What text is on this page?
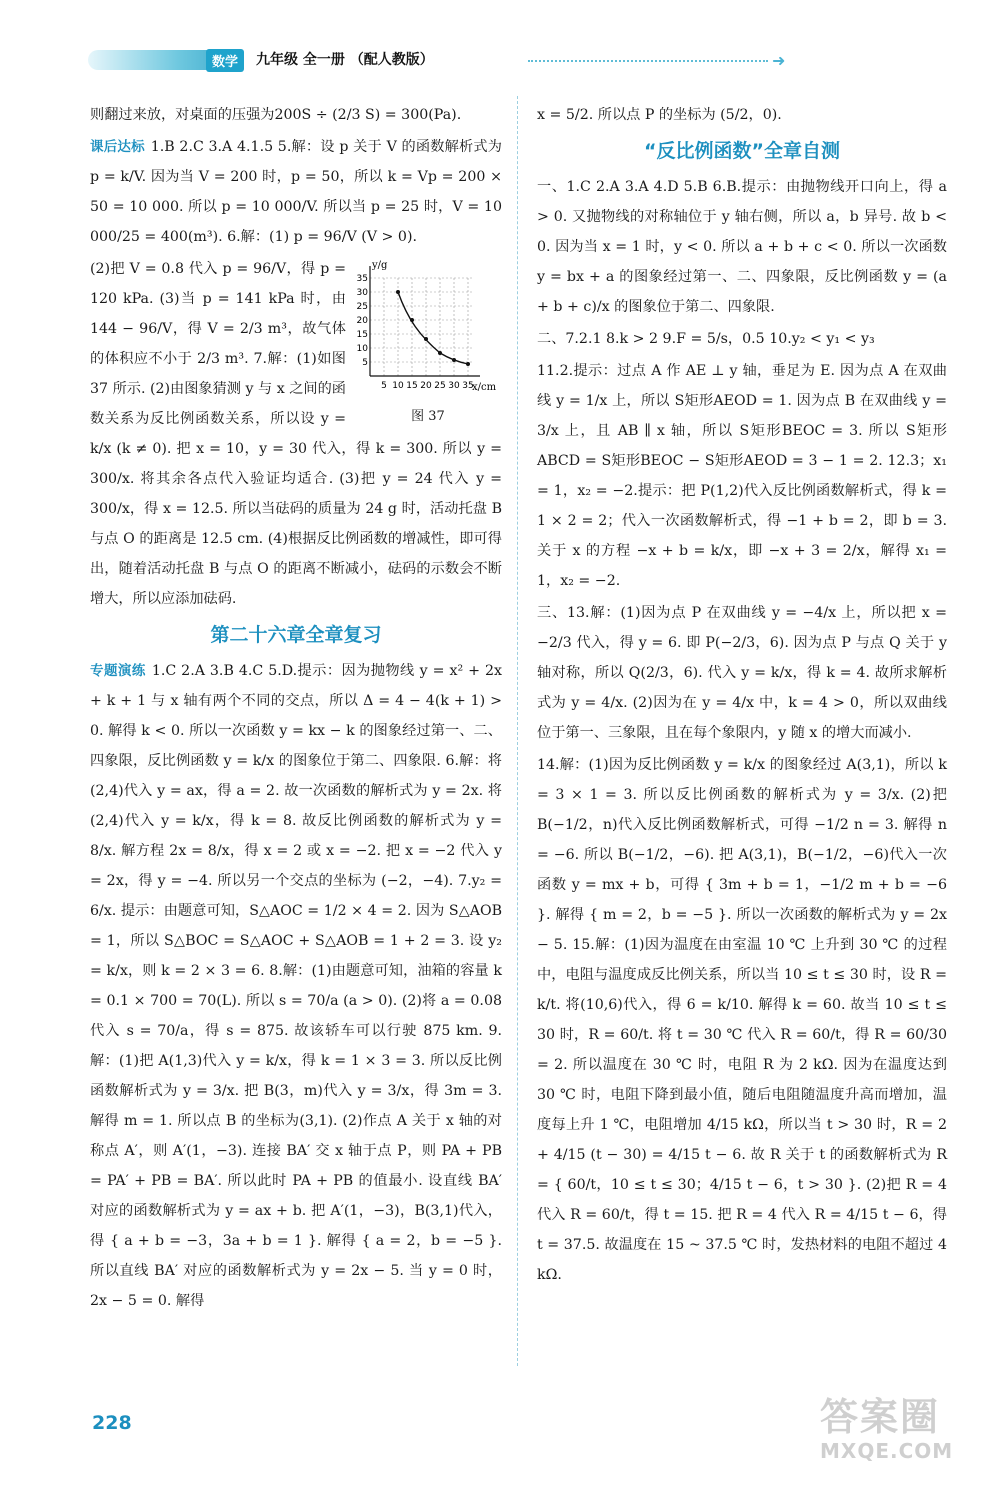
数学	九年级 全一册 （配人教版）	➜

则翻过来放，对桌面的压强为200S ÷ (2/3 S) = 300(Pa).

课后达标 1.B 2.C 3.A 4.1.5 5.解：设 p 关于 V 的函数解析式为 p = k/V. 因为当 V = 200 时，p = 50，所以 k = Vp = 200 × 50 = 10 000. 所以 p = 10 000/V. 所以当 p = 25 时，V = 10 000/25 = 400(m³). 6.解：(1) p = 96/V (V > 0).

y/g
x/cm
35
30
25
20
15
10
5
5 10 15 20 25 30 35
图 37

(2)把 V = 0.8 代入 p = 96/V，得 p = 120 kPa. (3)当 p = 141 kPa 时，由 144 − 96/V，得 V = 2/3 m³，故气体的体积应不小于 2/3 m³. 7.解：(1)如图 37 所示. (2)由图象猜测 y 与 x 之间的函数关系为反比例函数关系，所以设 y = k/x (k ≠ 0). 把 x = 10，y = 30 代入，得 k = 300. 所以 y = 300/x. 将其余各点代入验证均适合. (3)把 y = 24 代入 y = 300/x，得 x = 12.5. 所以当砝码的质量为 24 g 时，活动托盘 B 与点 O 的距离是 12.5 cm. (4)根据反比例函数的增减性，即可得出，随着活动托盘 B 与点 O 的距离不断减小，砝码的示数会不断增大，所以应添加砝码.

第二十六章全章复习

专题演练 1.C 2.A 3.B 4.C 5.D.提示：因为抛物线 y = x² + 2x + k + 1 与 x 轴有两个不同的交点，所以 Δ = 4 − 4(k + 1) > 0. 解得 k < 0. 所以一次函数 y = kx − k 的图象经过第一、二、四象限，反比例函数 y = k/x 的图象位于第二、四象限. 6.解：将(2,4)代入 y = ax，得 a = 2. 故一次函数的解析式为 y = 2x. 将(2,4)代入 y = k/x，得 k = 8. 故反比例函数的解析式为 y = 8/x. 解方程 2x = 8/x，得 x = 2 或 x = −2. 把 x = −2 代入 y = 2x，得 y = −4. 所以另一个交点的坐标为 (−2，−4). 7.y₂ = 6/x. 提示：由题意可知，S△AOC = 1/2 × 4 = 2. 因为 S△AOB = 1，所以 S△BOC = S△AOC + S△AOB = 1 + 2 = 3. 设 y₂ = k/x，则 k = 2 × 3 = 6. 8.解：(1)由题意可知，油箱的容量 k = 0.1 × 700 = 70(L). 所以 s = 70/a (a > 0). (2)将 a = 0.08 代入 s = 70/a，得 s = 875. 故该轿车可以行驶 875 km. 9.解：(1)把 A(1,3)代入 y = k/x，得 k = 1 × 3 = 3. 所以反比例函数解析式为 y = 3/x. 把 B(3，m)代入 y = 3/x，得 3m = 3. 解得 m = 1. 所以点 B 的坐标为(3,1). (2)作点 A 关于 x 轴的对称点 A′，则 A′(1，−3). 连接 BA′ 交 x 轴于点 P，则 PA + PB = PA′ + PB = BA′. 所以此时 PA + PB 的值最小. 设直线 BA′ 对应的函数解析式为 y = ax + b. 把 A′(1，−3)，B(3,1)代入，得 { a + b = −3，3a + b = 1 }. 解得 { a = 2，b = −5 }. 所以直线 BA′ 对应的函数解析式为 y = 2x − 5. 当 y = 0 时，2x − 5 = 0. 解得

x = 5/2. 所以点 P 的坐标为 (5/2，0).

“反比例函数”全章自测

一、1.C 2.A 3.A 4.D 5.B 6.B.提示：由抛物线开口向上，得 a > 0. 又抛物线的对称轴位于 y 轴右侧，所以 a，b 异号. 故 b < 0. 因为当 x = 1 时，y < 0. 所以 a + b + c < 0. 所以一次函数 y = bx + a 的图象经过第一、二、四象限，反比例函数 y = (a + b + c)/x 的图象位于第二、四象限.

二、7.2.1 8.k > 2 9.F = 5/s，0.5 10.y₂ < y₁ < y₃

11.2.提示：过点 A 作 AE ⊥ y 轴，垂足为 E. 因为点 A 在双曲线 y = 1/x 上，所以 S矩形AEOD = 1. 因为点 B 在双曲线 y = 3/x 上，且 AB ∥ x 轴，所以 S矩形BEOC = 3. 所以 S矩形ABCD = S矩形BEOC − S矩形AEOD = 3 − 1 = 2. 12.3；x₁ = 1，x₂ = −2.提示：把 P(1,2)代入反比例函数解析式，得 k = 1 × 2 = 2；代入一次函数解析式，得 −1 + b = 2，即 b = 3. 关于 x 的方程 −x + b = k/x，即 −x + 3 = 2/x，解得 x₁ = 1，x₂ = −2.

三、13.解：(1)因为点 P 在双曲线 y = −4/x 上，所以把 x = −2/3 代入，得 y = 6. 即 P(−2/3，6). 因为点 P 与点 Q 关于 y 轴对称，所以 Q(2/3，6). 代入 y = k/x，得 k = 4. 故所求解析式为 y = 4/x. (2)因为在 y = 4/x 中，k = 4 > 0，所以双曲线位于第一、三象限，且在每个象限内，y 随 x 的增大而减小.

14.解：(1)因为反比例函数 y = k/x 的图象经过 A(3,1)，所以 k = 3 × 1 = 3. 所以反比例函数的解析式为 y = 3/x. (2)把 B(−1/2，n)代入反比例函数解析式，可得 −1/2 n = 3. 解得 n = −6. 所以 B(−1/2，−6). 把 A(3,1)，B(−1/2，−6)代入一次函数 y = mx + b，可得 { 3m + b = 1，−1/2 m + b = −6 }. 解得 { m = 2，b = −5 }. 所以一次函数的解析式为 y = 2x − 5. 15.解：(1)因为温度在由室温 10 ℃ 上升到 30 ℃ 的过程中，电阻与温度成反比例关系，所以当 10 ≤ t ≤ 30 时，设 R = k/t. 将(10,6)代入，得 6 = k/10. 解得 k = 60. 故当 10 ≤ t ≤ 30 时，R = 60/t. 将 t = 30 ℃ 代入 R = 60/t，得 R = 60/30 = 2. 所以温度在 30 ℃ 时，电阻 R 为 2 kΩ. 因为在温度达到 30 ℃ 时，电阻下降到最小值，随后电阻随温度升高而增加，温度每上升 1 ℃，电阻增加 4/15 kΩ，所以当 t > 30 时，R = 2 + 4/15 (t − 30) = 4/15 t − 6. 故 R 关于 t 的函数解析式为 R = { 60/t，10 ≤ t ≤ 30；4/15 t − 6，t > 30 }. (2)把 R = 4 代入 R = 60/t，得 t = 15. 把 R = 4 代入 R = 4/15 t − 6，得 t = 37.5. 故温度在 15 ~ 37.5 ℃ 时，发热材料的电阻不超过 4 kΩ.

228	答案圈
MXQE.COM
